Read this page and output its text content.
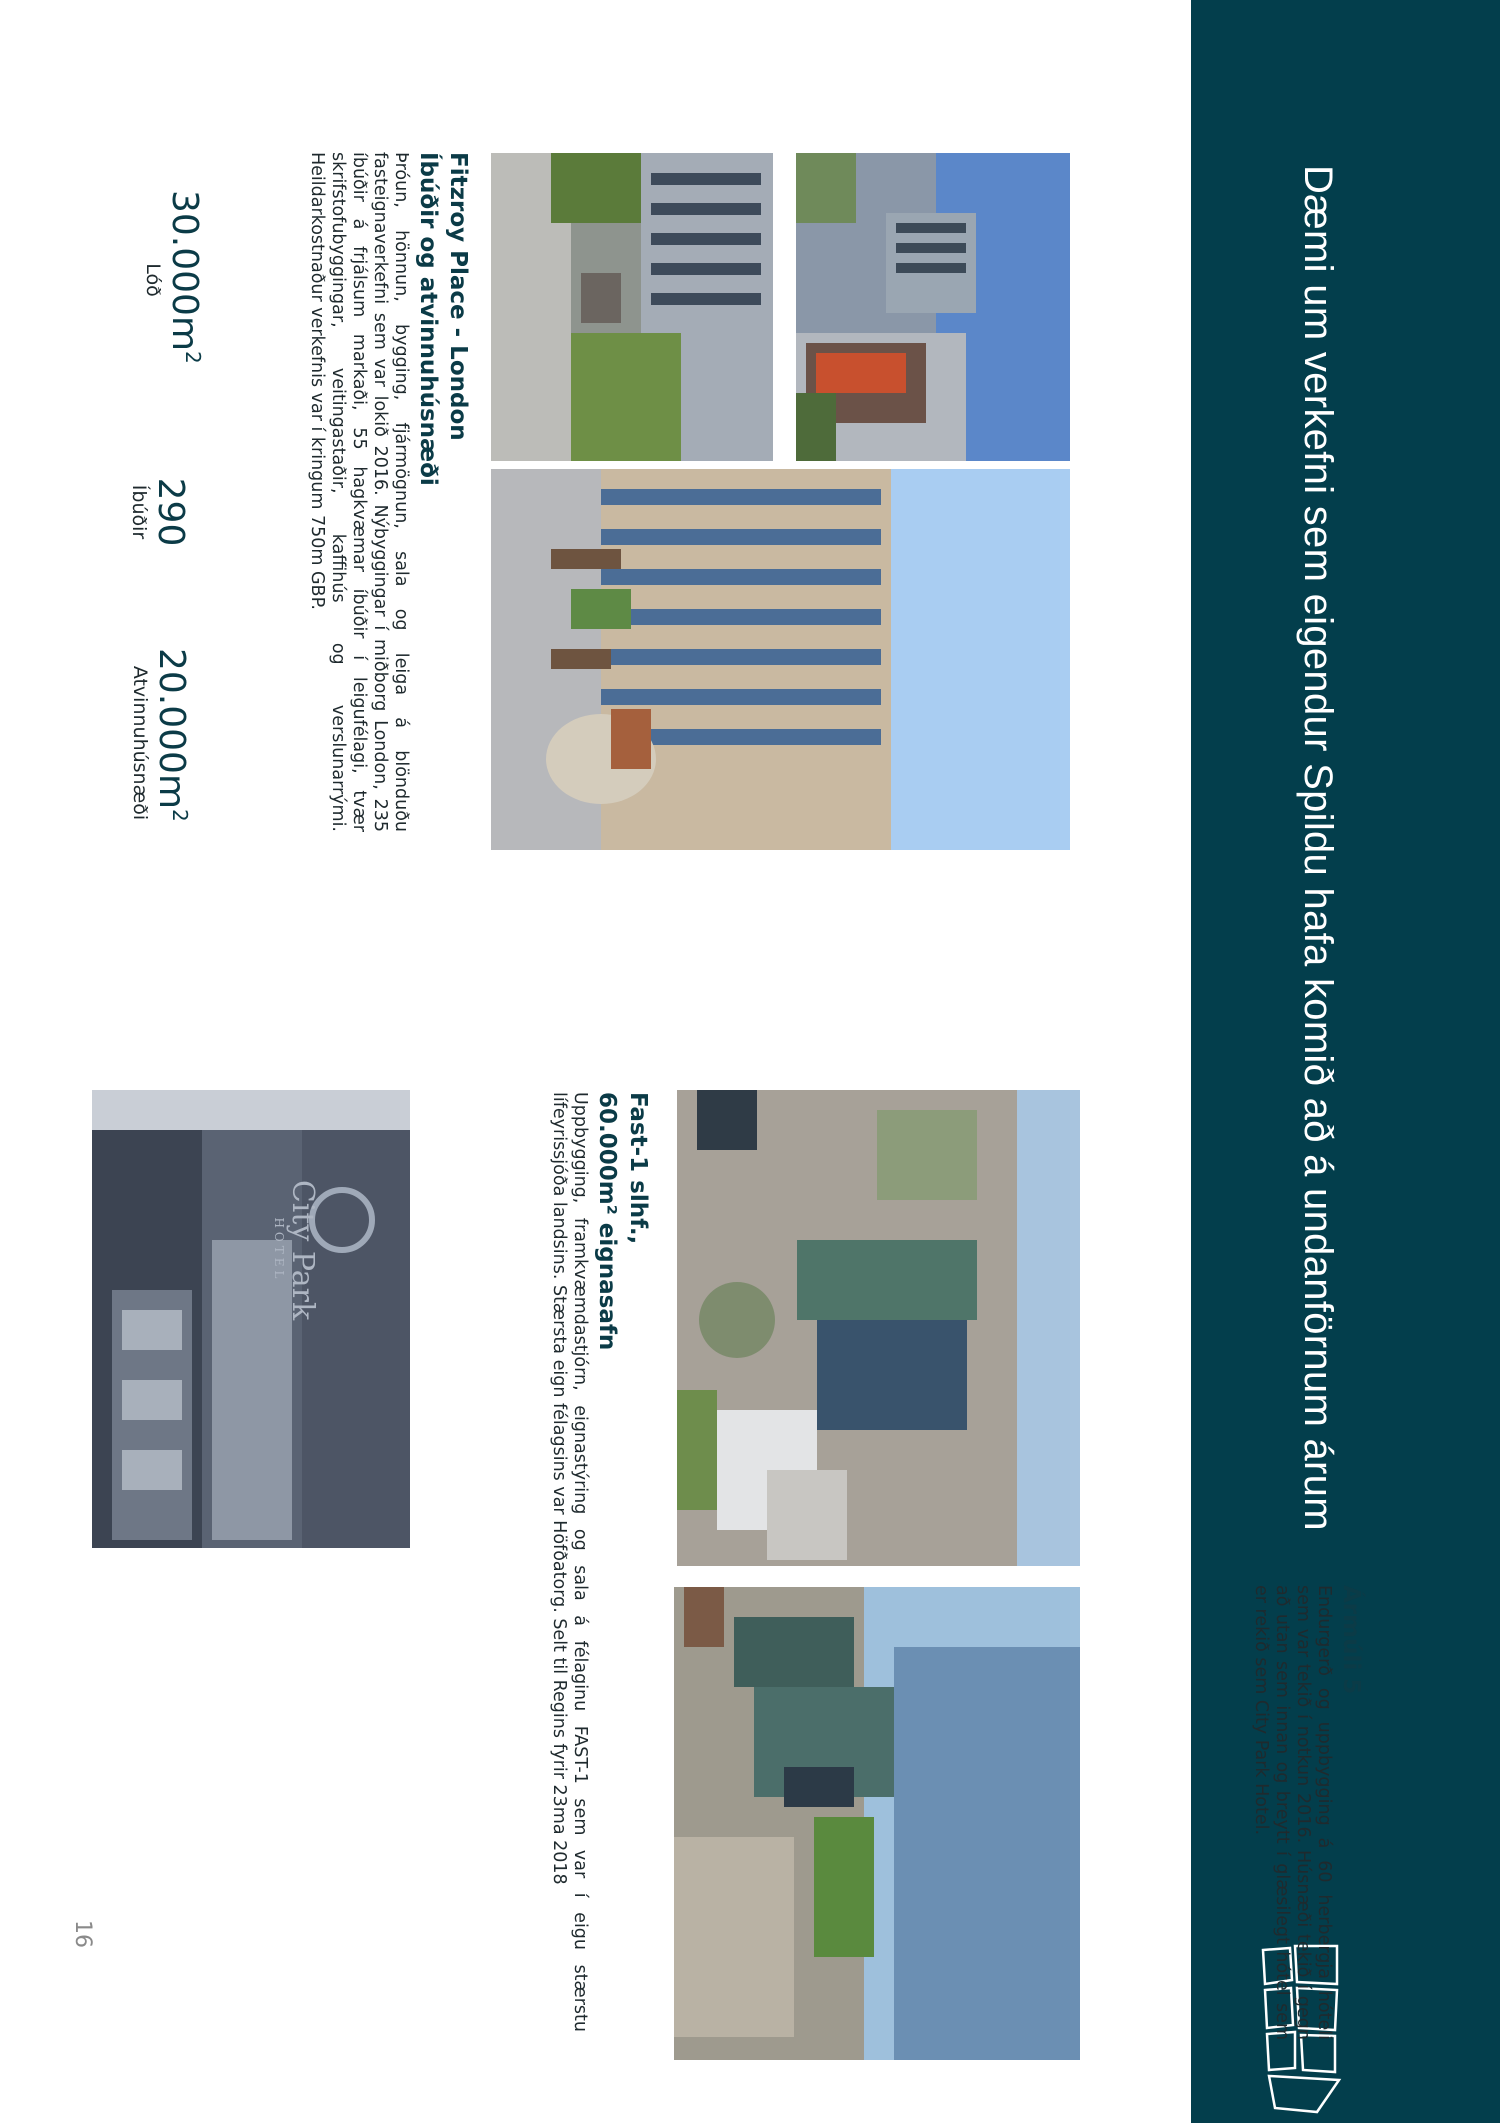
Dæmi um verkefni sem eigendur Spildu hafa komið að á undanförnum árum
Fitzroy Place - London
Íbúðir og atvinnuhúsnæði
Þróun, hönnun, bygging, fjármögnun, sala og leiga á blönduðu fasteignaverkefni sem var lokið 2016. Nýbyggingar í miðborg London, 235 íbúðir á frjálsum markaði, 55 hagkvæmar íbúðir í leigufélagi, tvær skrifstofubyggingar, veitingastaðir, kaffihús og verslunarrými. Heildarkostnaður verkefnis var í kringum 750m GBP.
$30.000m^2$
Lóð
290
Íbúðir
$20.000m^2$
Atvinnuhúsnæði
Fast-1 slhf.,
60.000m² eignasafn
Uppbygging, framkvæmdastjórn, eignastýring og sala á félaginu FAST-1 sem var í eigu stærstu lífeyrissjóða landsins. Stærsta eign félagsins var Höfðatorg. Selt til Regins fyrir 23ma 2018
City Park
HOTEL
Ármúli 5
Endurgerð og uppbygging á 60 herbergja hóteli sem var tekið í notkun 2016. Húsnæði tekið í gegn að utan sem innan og breytt í glæsilegt hótel sem er rekið sem City Park Hotel.
16
